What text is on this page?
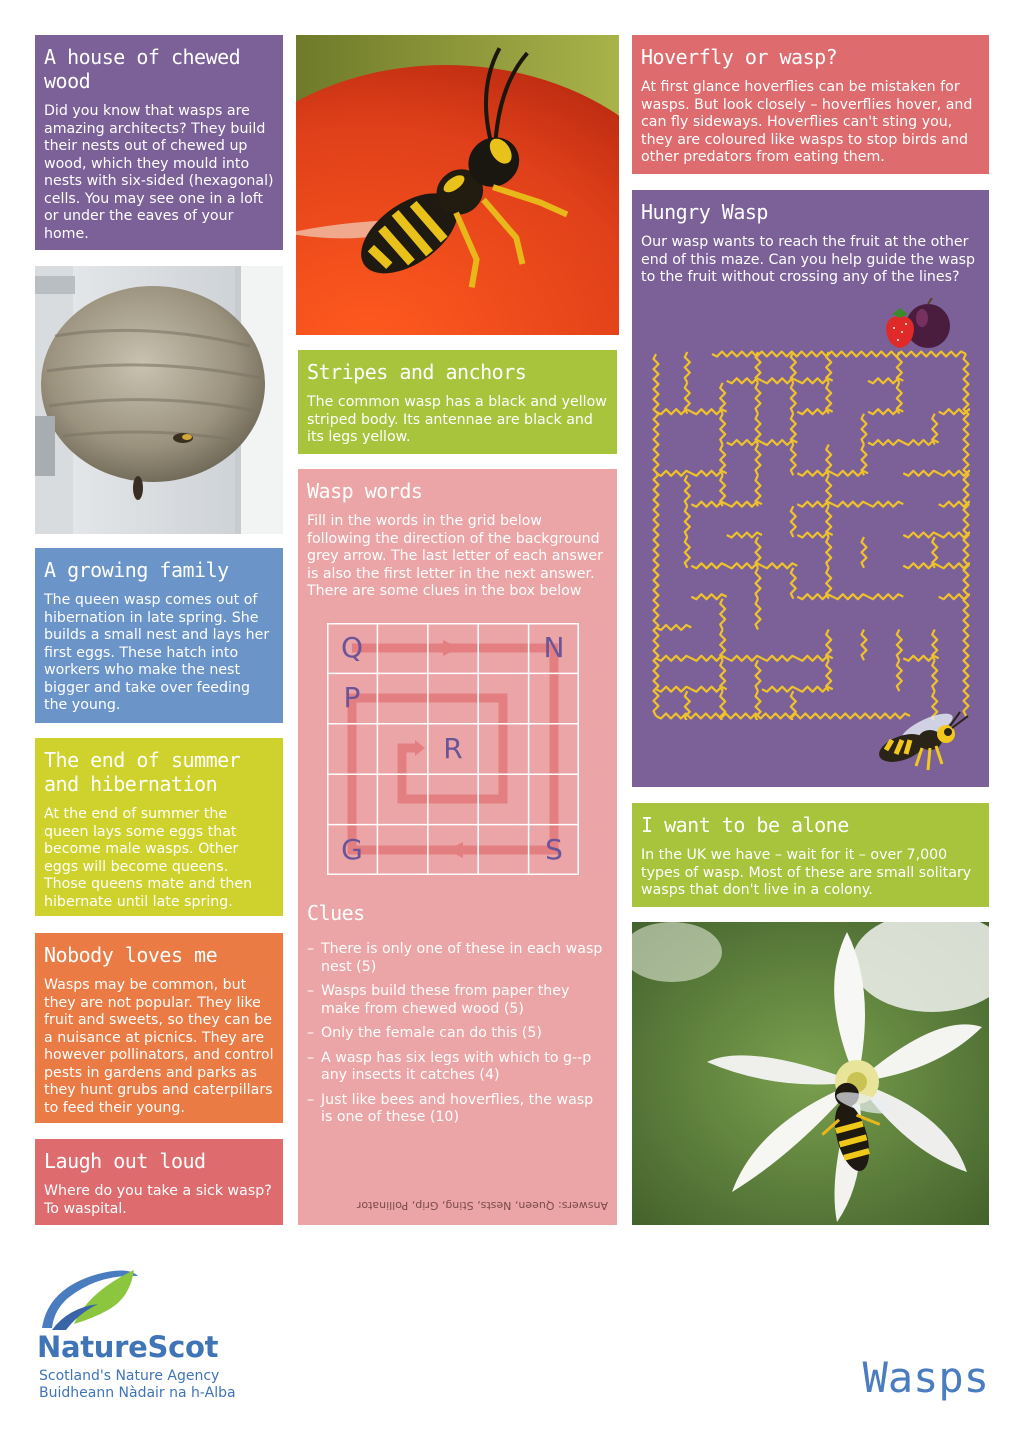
A house of chewed wood

Did you know that wasps are amazing architects? They build their nests out of chewed up wood, which they mould into nests with six-sided (hexagonal) cells. You may see one in a loft or under the eaves of your home.

A growing family

The queen wasp comes out of hibernation in late spring. She builds a small nest and lays her first eggs. These hatch into workers who make the nest bigger and take over feeding the young.

The end of summer and hibernation

At the end of summer the queen lays some eggs that become male wasps. Other eggs will become queens. Those queens mate and then hibernate until late spring.

Nobody loves me

Wasps may be common, but they are not popular. They like fruit and sweets, so they can be a nuisance at picnics. They are however pollinators, and control pests in gardens and parks as they hunt grubs and caterpillars to feed their young.

Laugh out loud

Where do you take a sick wasp? To waspital.

Stripes and anchors

The common wasp has a black and yellow striped body. Its antennae are black and its legs yellow.

Wasp words

Fill in the words in the grid below following the direction of the background grey arrow. The last letter of each answer is also the first letter in the next answer. There are some clues in the box below

Q	N
P
R
G	S
Clues
– There is only one of these in each wasp nest (5)
– Wasps build these from paper they make from chewed wood (5)
– Only the female can do this (5)
– A wasp has six legs with which to g--p any insects it catches (4)
– Just like bees and hoverflies, the wasp is one of these (10)
Answers: Queen, Nests, Sting, Grip, Pollinator
Hoverfly or wasp?

At first glance hoverflies can be mistaken for wasps. But look closely – hoverflies hover, and can fly sideways. Hoverflies can't sting you, they are coloured like wasps to stop birds and other predators from eating them.

Hungry Wasp

Our wasp wants to reach the fruit at the other end of this maze. Can you help guide the wasp to the fruit without crossing any of the lines?

I want to be alone

In the UK we have – wait for it – over 7,000 types of wasp. Most of these are small solitary wasps that don't live in a colony.

NatureScot
Scotland's Nature Agency
Buidheann Nàdair na h-Alba	Wasps
